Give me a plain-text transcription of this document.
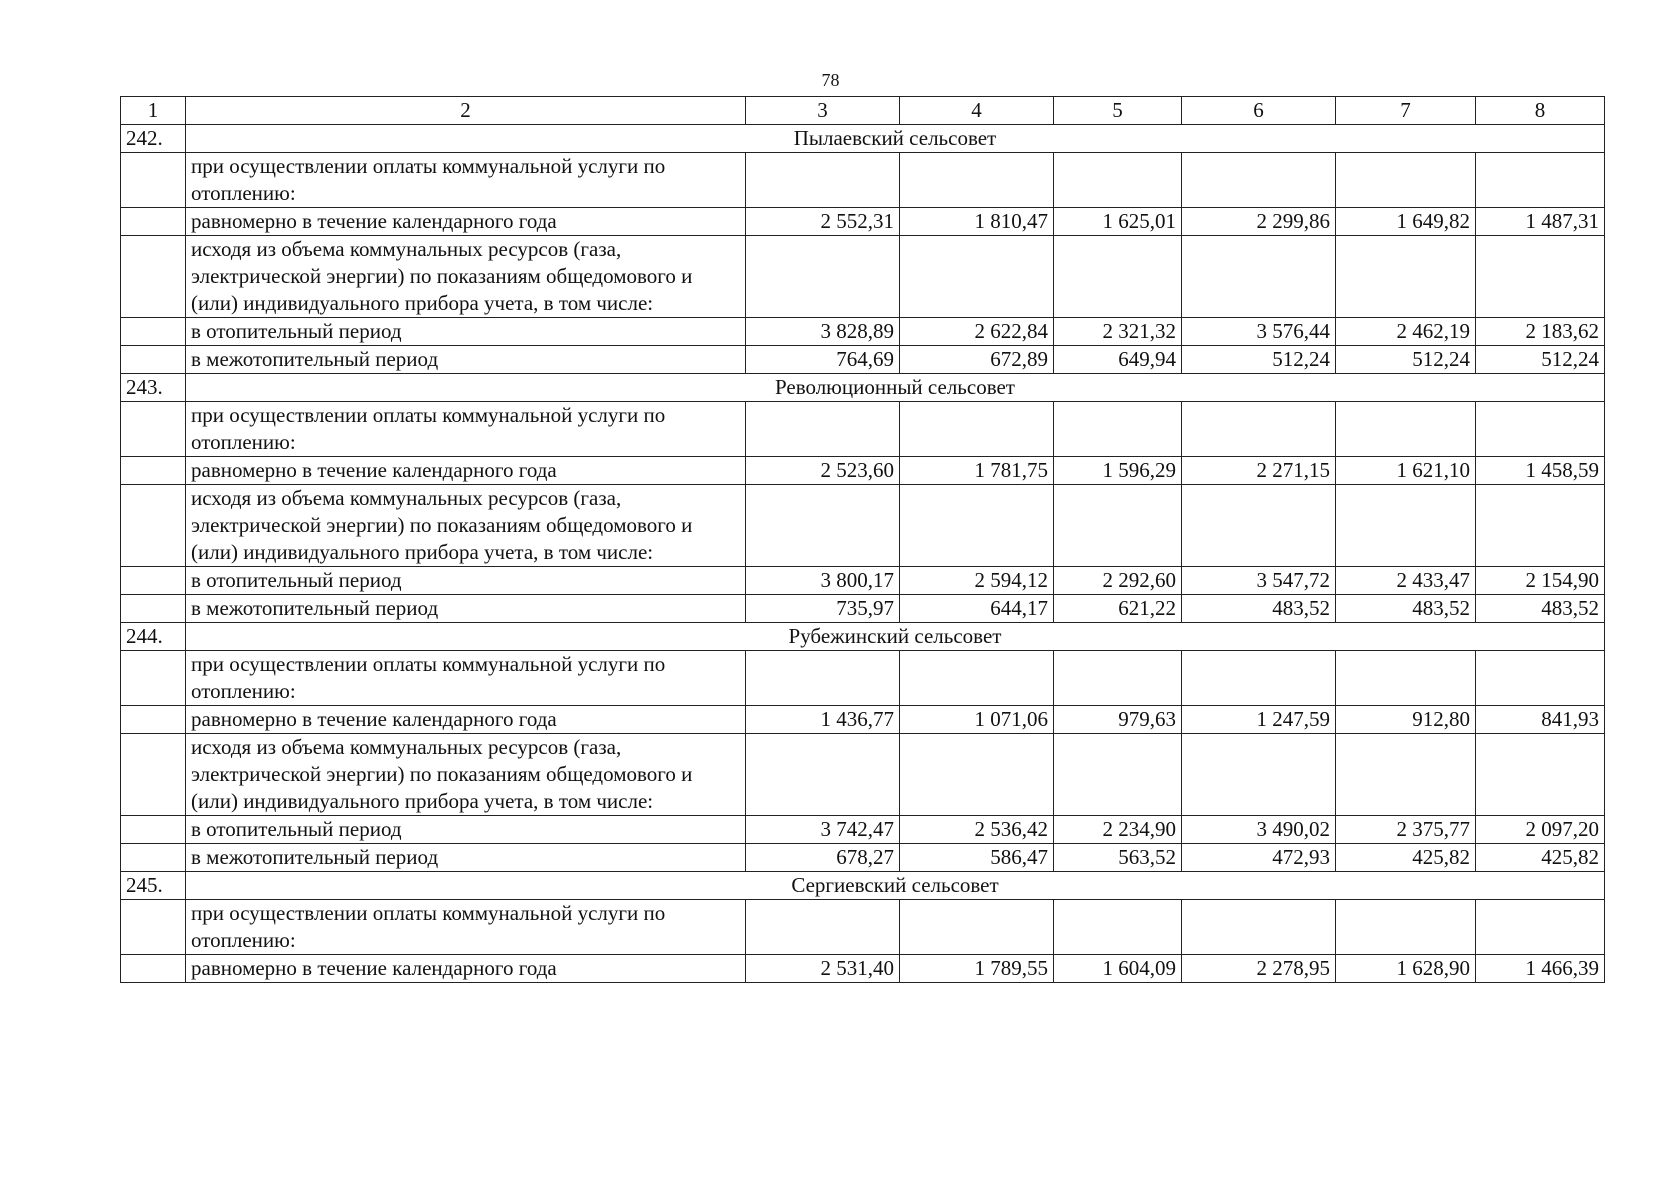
78
1	2	3	4	5	6	7	8
242.	Пылаевский сельсовет						
	при осуществлении оплаты коммунальной услуги по отоплению:						
	равномерно в течение календарного года	2 552,31	1 810,47	1 625,01	2 299,86	1 649,82	1 487,31
	исходя из объема коммунальных ресурсов (газа, электрической энергии) по показаниям общедомового и (или) индивидуального прибора учета, в том числе:						
	в отопительный период	3 828,89	2 622,84	2 321,32	3 576,44	2 462,19	2 183,62
	в межотопительный период	764,69	672,89	649,94	512,24	512,24	512,24
243.	Революционный сельсовет						
	при осуществлении оплаты коммунальной услуги по отоплению:						
	равномерно в течение календарного года	2 523,60	1 781,75	1 596,29	2 271,15	1 621,10	1 458,59
	исходя из объема коммунальных ресурсов (газа, электрической энергии) по показаниям общедомового и (или) индивидуального прибора учета, в том числе:						
	в отопительный период	3 800,17	2 594,12	2 292,60	3 547,72	2 433,47	2 154,90
	в межотопительный период	735,97	644,17	621,22	483,52	483,52	483,52
244.	Рубежинский сельсовет						
	при осуществлении оплаты коммунальной услуги по отоплению:						
	равномерно в течение календарного года	1 436,77	1 071,06	979,63	1 247,59	912,80	841,93
	исходя из объема коммунальных ресурсов (газа, электрической энергии) по показаниям общедомового и (или) индивидуального прибора учета, в том числе:						
	в отопительный период	3 742,47	2 536,42	2 234,90	3 490,02	2 375,77	2 097,20
	в межотопительный период	678,27	586,47	563,52	472,93	425,82	425,82
245.	Сергиевский сельсовет						
	при осуществлении оплаты коммунальной услуги по отоплению:						
	равномерно в течение календарного года	2 531,40	1 789,55	1 604,09	2 278,95	1 628,90	1 466,39
